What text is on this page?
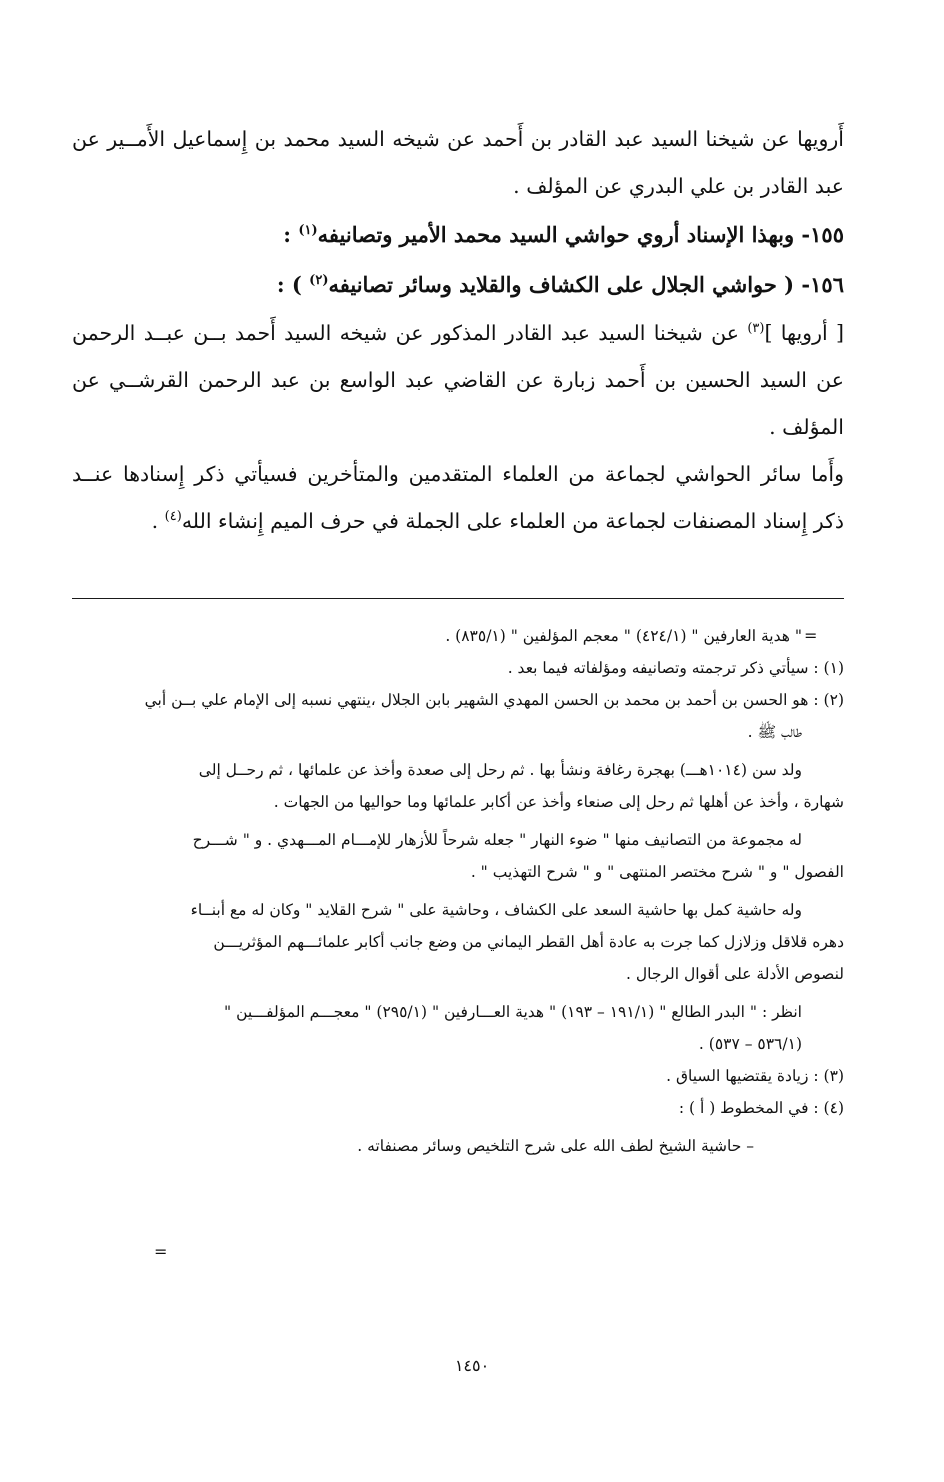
أَرويها عن شيخنا السيد عبد القادر بن أَحمد عن شيخه السيد محمد بن إِسماعيل الأَمــير عن عبد القادر بن علي البدري عن المؤلف .

١٥٥- وبهذا الإسناد أروي حواشي السيد محمد الأمير وتصانيفه$^{(١)}$ :

١٥٦- ( حواشي الجلال على الكشاف والقلايد وسائر تصانيفه$^{(٢)}$ ) :

[ أرويها ]$^{(٣)}$ عن شيخنا السيد عبد القادر المذكور عن شيخه السيد أَحمد بــن عبــد الرحمن عن السيد الحسين بن أَحمد زبارة عن القاضي عبد الواسع بن عبد الرحمن القرشــي عن المؤلف .

وأَما سائر الحواشي لجماعة من العلماء المتقدمين والمتأخرين فسيأتي ذكر إِسنادها عنــد ذكر إِسناد المصنفات لجماعة من العلماء على الجملة في حرف الميم إِنشاء الله$^{(٤)}$ .

" هدية العارفين " (٤٢٤/١) " معجم المؤلفين " (٨٣٥/١) .

(١) : سيأتي ذكر ترجمته وتصانيفه ومؤلفاته فيما بعد .

(٢) : هو الحسن بن أحمد بن محمد بن الحسن المهدي الشهير بابن الجلال ،ينتهي نسبه إلى الإمام علي بــن أبي
طالب ﷺ .

ولد سن (١٠١٤هـــ) بهجرة رغافة ونشأ بها . ثم رحل إلى صعدة وأخذ عن علمائها ، ثم رحــل إلى
شهارة ، وأخذ عن أهلها ثم رحل إلى صنعاء وأخذ عن أكابر علمائها وما حواليها من الجهات .

له مجموعة من التصانيف منها " ضوء النهار " جعله شرحاً للأزهار للإمـــام المـــهدي . و " شـــرح
الفصول " و " شرح مختصر المنتهى " و " شرح التهذيب " .

وله حاشية كمل بها حاشية السعد على الكشاف ، وحاشية على " شرح القلايد " وكان له مع أبنــاء
دهره قلاقل وزلازل كما جرت به عادة أهل القطر اليماني من وضع جانب أكابر علمائـــهم المؤثريـــن
لنصوص الأدلة على أقوال الرجال .

انظر : " البدر الطالع " (١٩١/١ – ١٩٣) " هدية العـــارفين " (٢٩٥/١) " معجـــم المؤلفـــين "
(٥٣٦/١ – ٥٣٧) .

(٣) : زيادة يقتضيها السياق .

(٤) : في المخطوط ( أ ) :

– حاشية الشيخ لطف الله على شرح التلخيص وسائر مصنفاته .

=
=
١٤٥٠
